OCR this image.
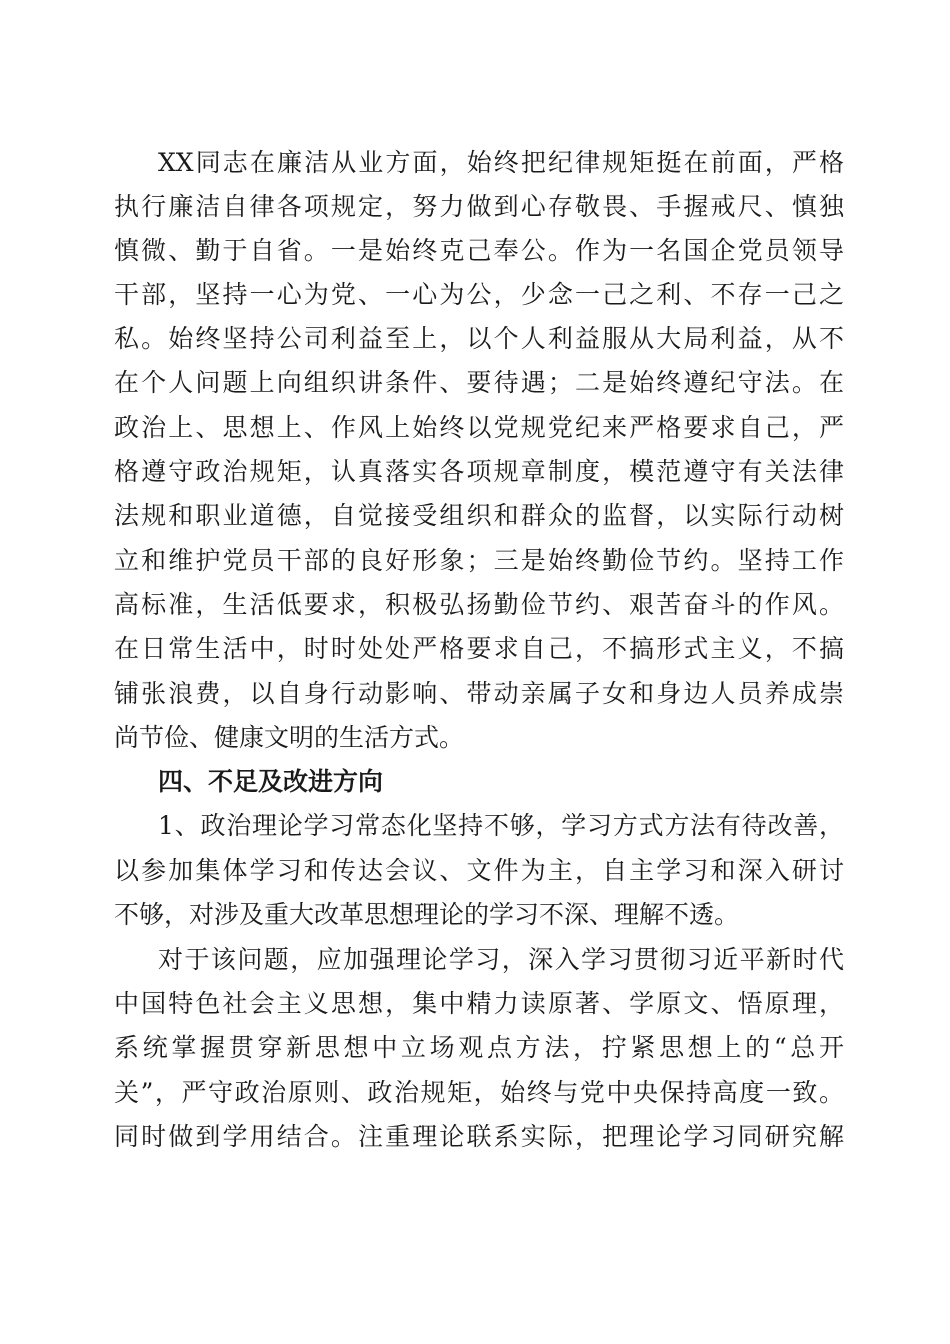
XX同志在廉洁从业方面，始终把纪律规矩挺在前面，严格
执行廉洁自律各项规定，努力做到心存敬畏、手握戒尺、慎独
慎微、勤于自省。一是始终克己奉公。作为一名国企党员领导
干部，坚持一心为党、一心为公，少念一己之利、不存一己之
私。始终坚持公司利益至上，以个人利益服从大局利益，从不
在个人问题上向组织讲条件、要待遇；二是始终遵纪守法。在
政治上、思想上、作风上始终以党规党纪来严格要求自己，严
格遵守政治规矩，认真落实各项规章制度，模范遵守有关法律
法规和职业道德，自觉接受组织和群众的监督，以实际行动树
立和维护党员干部的良好形象；三是始终勤俭节约。坚持工作
高标准，生活低要求，积极弘扬勤俭节约、艰苦奋斗的作风。
在日常生活中，时时处处严格要求自己，不搞形式主义，不搞
铺张浪费，以自身行动影响、带动亲属子女和身边人员养成崇
尚节俭、健康文明的生活方式。
四、不足及改进方向
1、政治理论学习常态化坚持不够，学习方式方法有待改善，
以参加集体学习和传达会议、文件为主，自主学习和深入研讨
不够，对涉及重大改革思想理论的学习不深、理解不透。
对于该问题，应加强理论学习，深入学习贯彻习近平新时代
中国特色社会主义思想，集中精力读原著、学原文、悟原理，
系统掌握贯穿新思想中立场观点方法，拧紧思想上的“总开
关”，严守政治原则、政治规矩，始终与党中央保持高度一致。
同时做到学用结合。注重理论联系实际，把理论学习同研究解
